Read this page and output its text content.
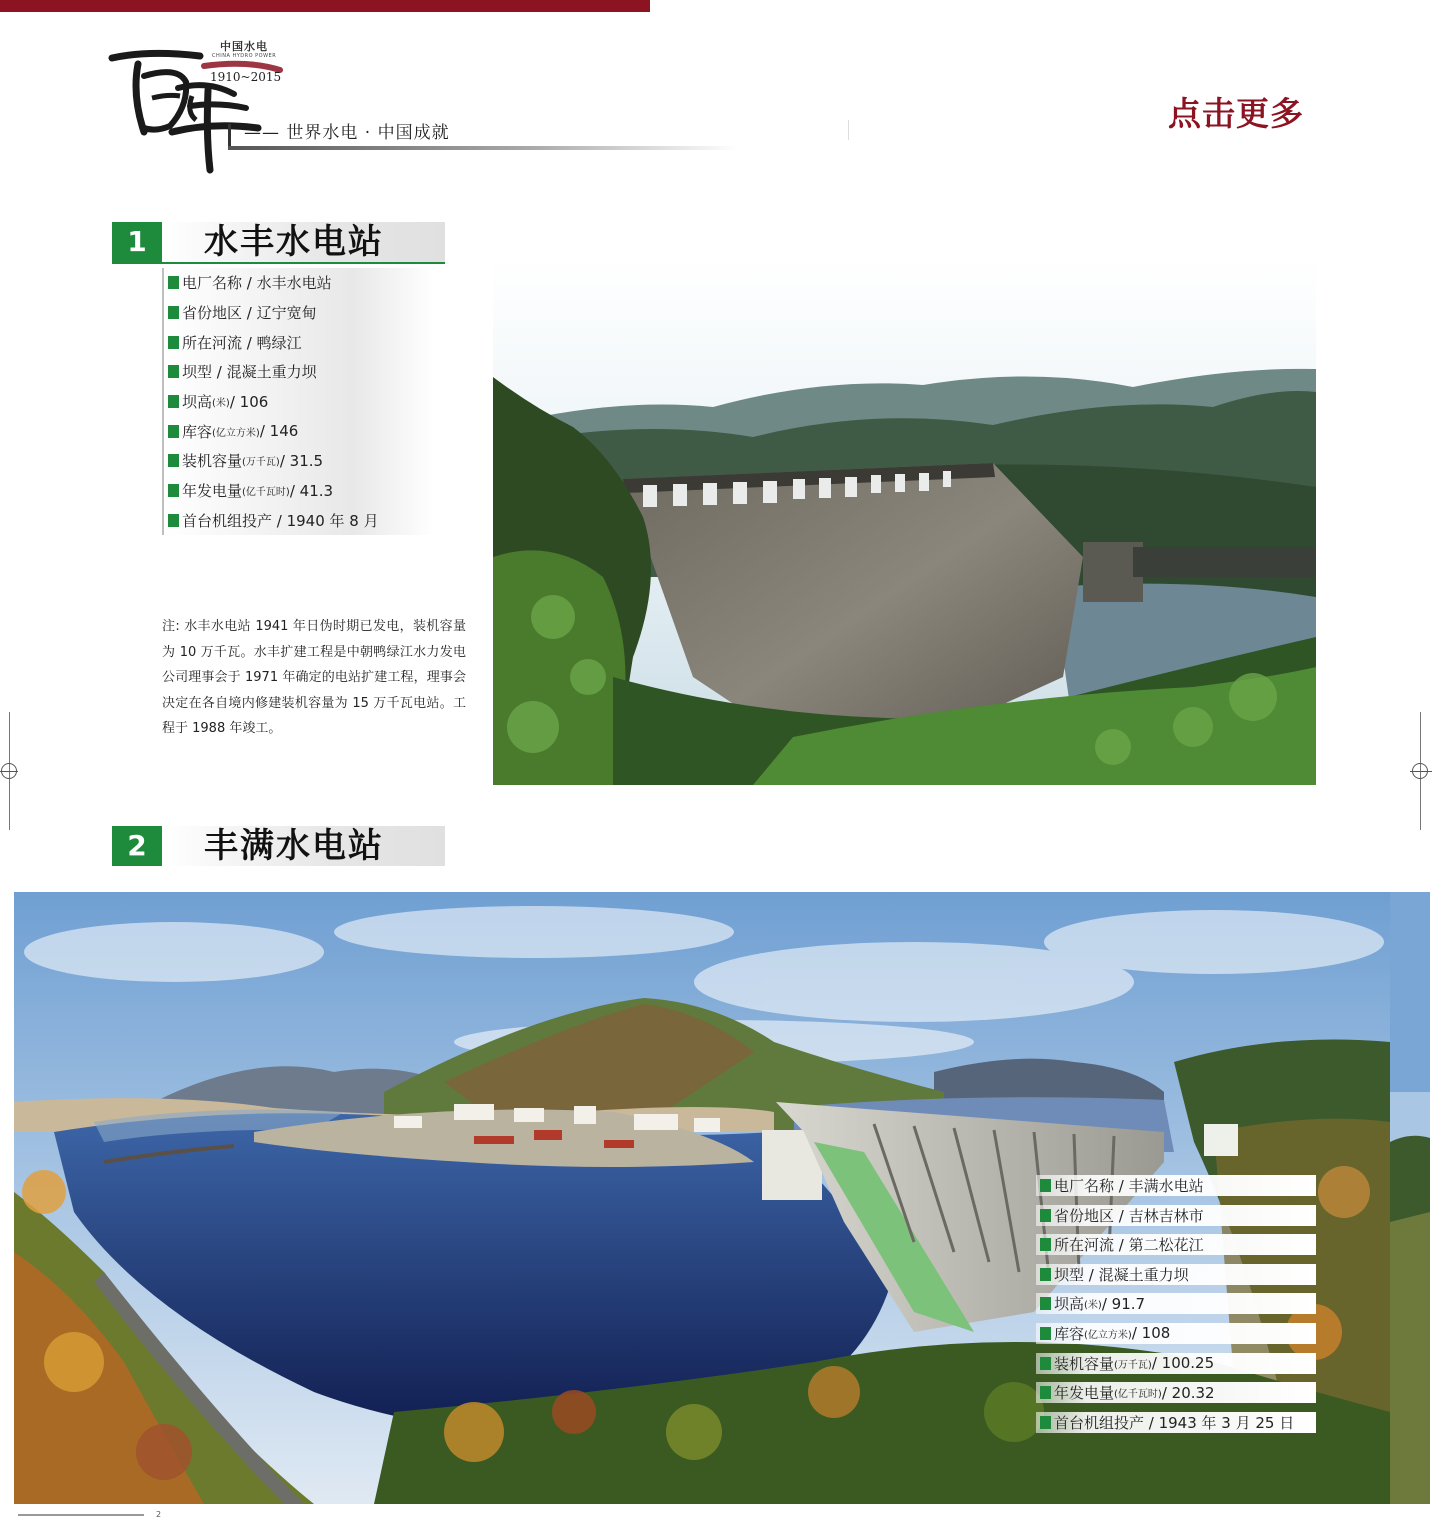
中国水电
CHINA HYDRO POWER
1910~2015
—— 世界水电 · 中国成就	点击更多
1	水丰水电站
电厂名称 / 水丰水电站
省份地区 / 辽宁宽甸
所在河流 / 鸭绿江
坝型 / 混凝土重力坝
坝高 (米) / 106
库容 (亿立方米) / 146
装机容量 (万千瓦) / 31.5
年发电量 (亿千瓦时) / 41.3
首台机组投产 / 1940 年 8 月
注: 水丰水电站 1941 年日伪时期已发电，装机容量为 10 万千瓦。水丰扩建工程是中朝鸭绿江水力发电公司理事会于 1971 年确定的电站扩建工程，理事会决定在各自境内修建装机容量为 15 万千瓦电站。工程于 1988 年竣工。
2	丰满水电站
电厂名称 / 丰满水电站
省份地区 / 吉林吉林市
所在河流 / 第二松花江
坝型 / 混凝土重力坝
坝高 (米) / 91.7
库容 (亿立方米) / 108
装机容量 (万千瓦) / 100.25
年发电量 (亿千瓦时) / 20.32
首台机组投产 / 1943 年 3 月 25 日
2
